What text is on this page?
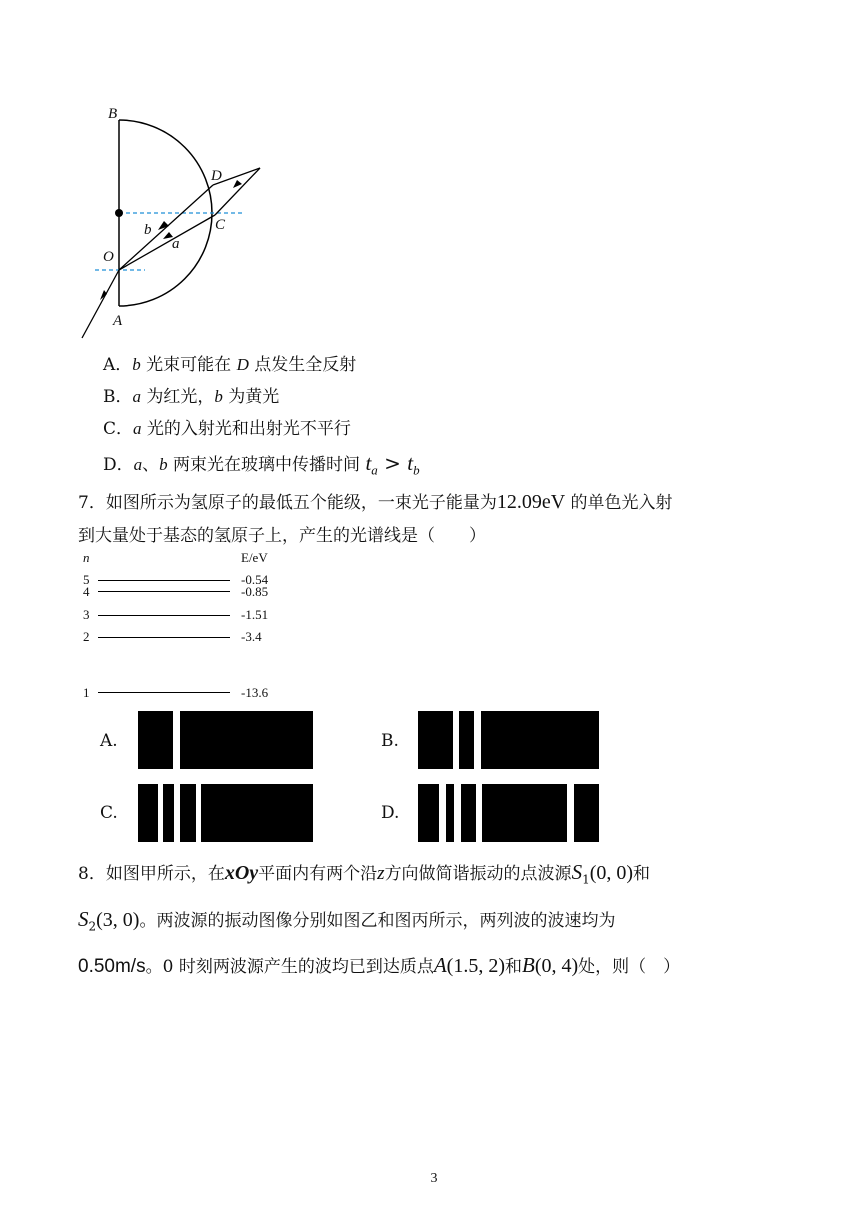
B
D
b
a
C
O
A
A．b 光束可能在 D 点发生全反射
B．a 为红光，b 为黄光
C．a 光的入射光和出射光不平行
D．a、b 两束光在玻璃中传播时间 $t_a > t_b$
7．如图所示为氢原子的最低五个能级，一束光子能量为12.09eV 的单色光入射
到大量处于基态的氢原子上，产生的光谱线是（　　）
n	E/eV
5	-0.54
4	-0.85
3	-1.51
2	-3.4
1	-13.6
A.	B.
C.	D.
8．如图甲所示，在xOy平面内有两个沿z方向做简谐振动的点波源$S_1(0$, 0)和
$S_2(3$, 0)。两波源的振动图像分别如图乙和图丙所示，两列波的波速均为
0.50m/s。0 时刻两波源产生的波均已到达质点A(1.5, 2)和B(0, 4)处，则（　）
3
